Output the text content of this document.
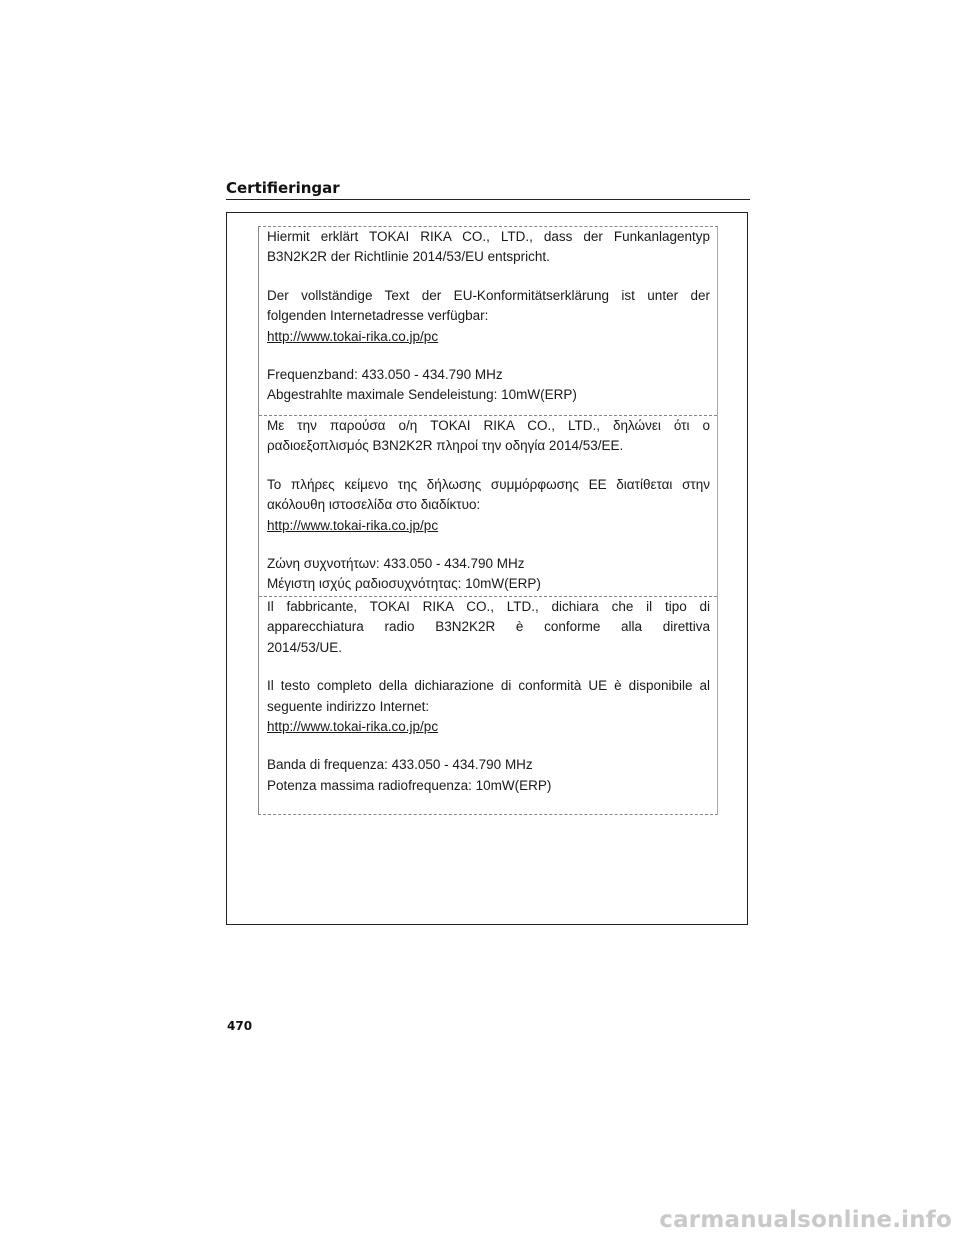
Certifieringar
Hiermit erklärt TOKAI RIKA CO., LTD., dass der Funkanlagentyp
B3N2K2R der Richtlinie 2014/53/EU entspricht.
Der vollständige Text der EU-Konformitätserklärung ist unter der
folgenden Internetadresse verfügbar:
http://www.tokai-rika.co.jp/pc
Frequenzband: 433.050 - 434.790 MHz
Abgestrahlte maximale Sendeleistung: 10mW(ERP)
Με την παρούσα ο/η TOKAI RIKA CO., LTD., δηλώνει ότι ο
ραδιοεξοπλισμός B3N2K2R πληροί την οδηγία 2014/53/ΕΕ.
Το πλήρες κείμενο της δήλωσης συμμόρφωσης ΕΕ διατίθεται στην
ακόλουθη ιστοσελίδα στο διαδίκτυο:
http://www.tokai-rika.co.jp/pc
Ζώνη συχνοτήτων: 433.050 - 434.790 MHz
Μέγιστη ισχύς ραδιοσυχνότητας: 10mW(ERP)
Il fabbricante, TOKAI RIKA CO., LTD., dichiara che il tipo di
apparecchiatura radio B3N2K2R è conforme alla direttiva
2014/53/UE.
Il testo completo della dichiarazione di conformità UE è disponibile al
seguente indirizzo Internet:
http://www.tokai-rika.co.jp/pc
Banda di frequenza: 433.050 - 434.790 MHz
Potenza massima radiofrequenza: 10mW(ERP)
470
carmanualsonline.info
